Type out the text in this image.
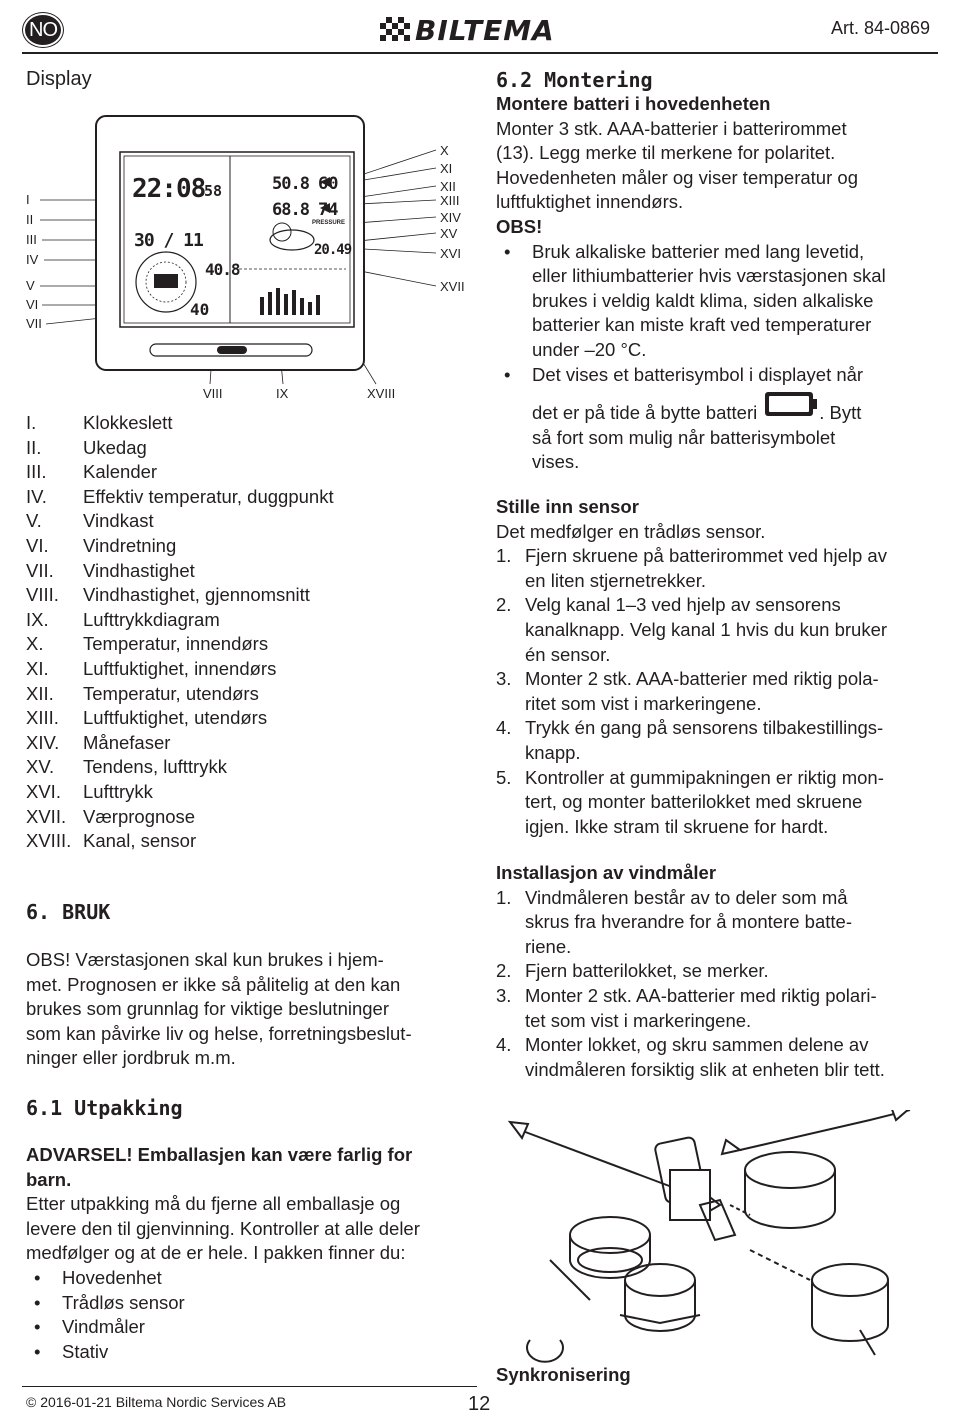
NO	BILTEMA	Art. 84-0869
Display
I
II
III
IV
V
VI
VII
X
XI
XII
XIII
XIV
XV
XVI
XVII
VIII	IX	XVIII
22:08
58
30 / 11
40.8
40
50.8 60
68.8 74
PRESSURE
20.49
I.	Klokkeslett
II. Ukedag
III. Kalender
IV. Effektiv temperatur, duggpunkt
V. Vindkast
VI. Vindretning
VII. Vindhastighet
VIII. Vindhastighet, gjennomsnitt
IX. Lufttrykkdiagram
X. Temperatur, innendørs
XI. Luftfuktighet, innendørs
XII. Temperatur, utendørs
XIII. Luftfuktighet, utendørs
XIV. Månefaser
XV. Tendens, lufttrykk
XVI. Lufttrykk
XVII. Værprognose
XVIII. Kanal, sensor
6. BRUK
OBS! Værstasjonen skal kun brukes i hjem-
met. Prognosen er ikke så pålitelig at den kan
brukes som grunnlag for viktige beslutninger
som kan påvirke liv og helse, forretningsbeslut-
ninger eller jordbruk m.m.
6.1 Utpakking
ADVARSEL! Emballasjen kan være farlig for
barn.
Etter utpakking må du fjerne all emballasje og
levere den til gjenvinning. Kontroller at alle deler
medfølger og at de er hele. I pakken finner du:
• Hovedenhet
• Trådløs sensor
• Vindmåler
• Stativ
© 2016-01-21 Biltema Nordic Services AB	12
6.2 Montering
Montere batteri i hovedenheten
Monter 3 stk. AAA-batterier i batterirommet
(13). Legg merke til merkene for polaritet.
Hovedenheten måler og viser temperatur og
luftfuktighet innendørs.
OBS!
• Bruk alkaliske batterier med lang levetid,
eller lithiumbatterier hvis værstasjonen skal
brukes i veldig kaldt klima, siden alkaliske
batterier kan miste kraft ved temperaturer
under –20 °C.
• Det vises et batterisymbol i displayet når
det er på tide å bytte batteri	. Bytt
så fort som mulig når batterisymbolet
vises.
Stille inn sensor
Det medfølger en trådløs sensor.
1. Fjern skruene på batterirommet ved hjelp av
en liten stjernetrekker.
2. Velg kanal 1–3 ved hjelp av sensorens
kanalknapp. Velg kanal 1 hvis du kun bruker
én sensor.
3. Monter 2 stk. AAA-batterier med riktig pola-
ritet som vist i markeringene.
4. Trykk én gang på sensorens tilbakestillings-
knapp.
5. Kontroller at gummipakningen er riktig mon-
tert, og monter batterilokket med skruene
igjen. Ikke stram til skruene for hardt.
Installasjon av vindmåler
1. Vindmåleren består av to deler som må
skrus fra hverandre for å montere batte-
riene.
2. Fjern batterilokket, se merker.
3. Monter 2 stk. AA-batterier med riktig polari-
tet som vist i markeringene.
4. Monter lokket, og skru sammen delene av
vindmåleren forsiktig slik at enheten blir tett.
Synkronisering
